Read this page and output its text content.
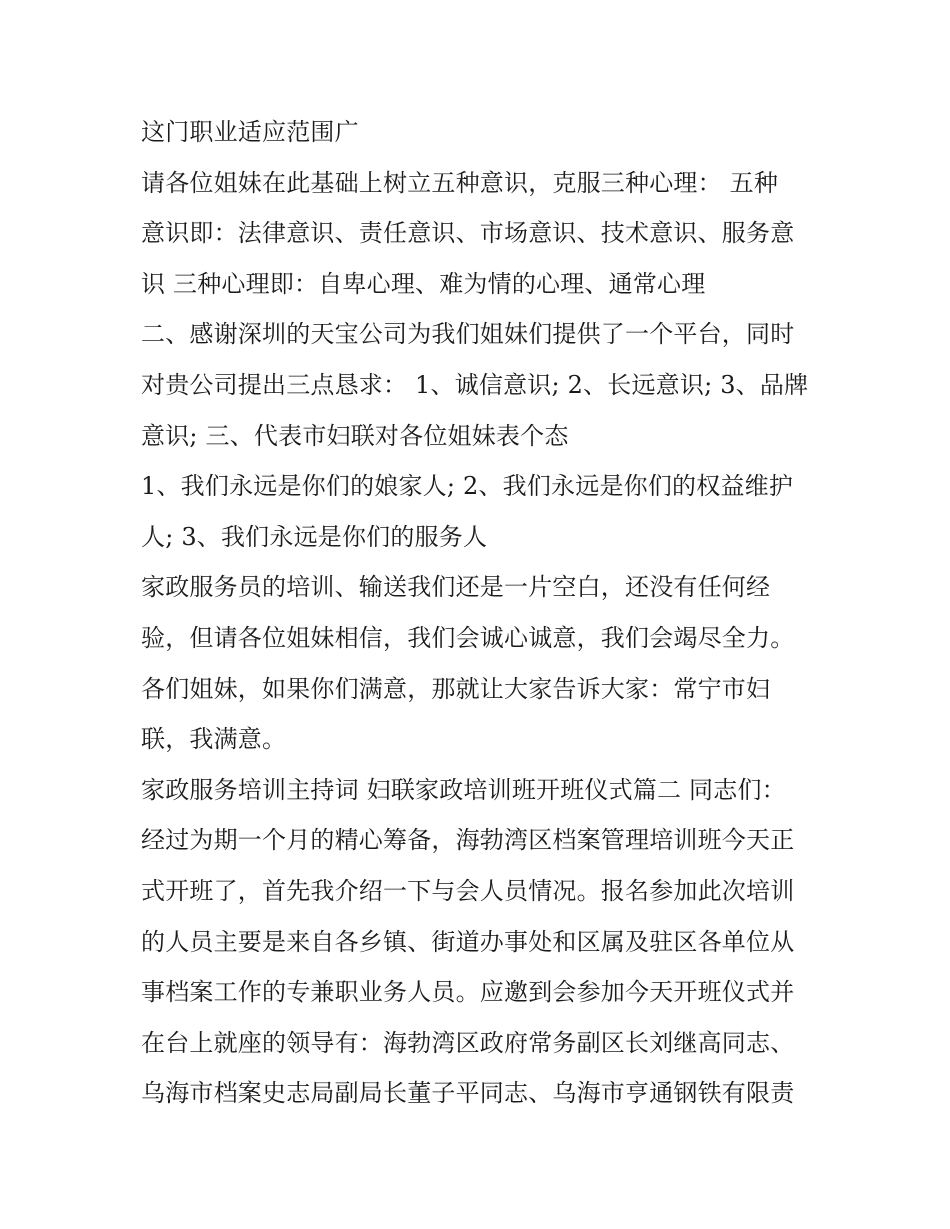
这门职业适应范围广
请各位姐妹在此基础上树立五种意识，克服三种心理： 五种
意识即：法律意识、责任意识、市场意识、技术意识、服务意
识 三种心理即：自卑心理、难为情的心理、通常心理
二、感谢深圳的天宝公司为我们姐妹们提供了一个平台，同时
对贵公司提出三点恳求： 1、诚信意识; 2、长远意识; 3、品牌
意识; 三、代表市妇联对各位姐妹表个态
1、我们永远是你们的娘家人; 2、我们永远是你们的权益维护
人; 3、我们永远是你们的服务人
家政服务员的培训、输送我们还是一片空白，还没有任何经
验，但请各位姐妹相信，我们会诚心诚意，我们会竭尽全力。
各们姐妹，如果你们满意，那就让大家告诉大家：常宁市妇
联，我满意。
家政服务培训主持词 妇联家政培训班开班仪式篇二 同志们：
经过为期一个月的精心筹备，海勃湾区档案管理培训班今天正
式开班了，首先我介绍一下与会人员情况。报名参加此次培训
的人员主要是来自各乡镇、街道办事处和区属及驻区各单位从
事档案工作的专兼职业务人员。应邀到会参加今天开班仪式并
在台上就座的领导有：海勃湾区政府常务副区长刘继高同志、
乌海市档案史志局副局长董子平同志、乌海市亨通钢铁有限责
